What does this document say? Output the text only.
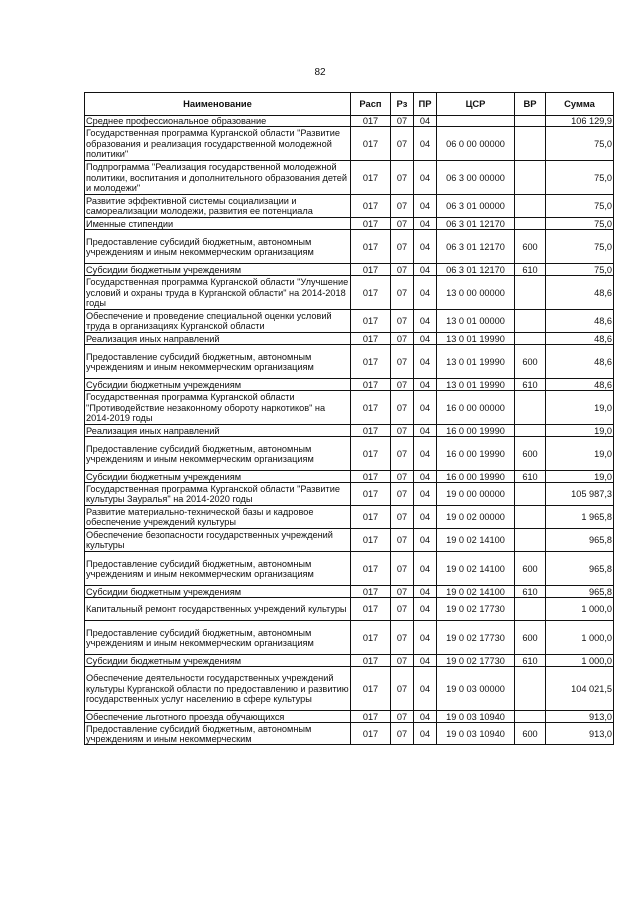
82
Наименование	Расп	Рз	ПР	ЦСР	ВР	Сумма
Среднее профессиональное образование	017	07	04			106 129,9
Государственная программа Курганской области "Развитие образования и реализация государственной молодежной политики"	017	07	04	06 0 00 00000		75,0
Подпрограмма "Реализация государственной молодежной политики, воспитания и дополнительного образования детей и молодежи"	017	07	04	06 3 00 00000		75,0
Развитие эффективной системы социализации и самореализации молодежи, развития ее потенциала	017	07	04	06 3 01 00000		75,0
Именные стипендии	017	07	04	06 3 01 12170		75,0
Предоставление субсидий бюджетным, автономным учреждениям и иным некоммерческим организациям	017	07	04	06 3 01 12170	600	75,0
Субсидии бюджетным учреждениям	017	07	04	06 3 01 12170	610	75,0
Государственная программа Курганской области "Улучшение условий и охраны труда в Курганской области" на 2014-2018 годы	017	07	04	13 0 00 00000		48,6
Обеспечение и проведение специальной оценки условий труда в организациях Курганской области	017	07	04	13 0 01 00000		48,6
Реализация иных направлений	017	07	04	13 0 01 19990		48,6
Предоставление субсидий бюджетным, автономным учреждениям и иным некоммерческим организациям	017	07	04	13 0 01 19990	600	48,6
Субсидии бюджетным учреждениям	017	07	04	13 0 01 19990	610	48,6
Государственная программа Курганской области "Противодействие незаконному обороту наркотиков" на 2014-2019 годы	017	07	04	16 0 00 00000		19,0
Реализация иных направлений	017	07	04	16 0 00 19990		19,0
Предоставление субсидий бюджетным, автономным учреждениям и иным некоммерческим организациям	017	07	04	16 0 00 19990	600	19,0
Субсидии бюджетным учреждениям	017	07	04	16 0 00 19990	610	19,0
Государственная программа Курганской области "Развитие культуры Зауралья" на 2014-2020 годы	017	07	04	19 0 00 00000		105 987,3
Развитие материально-технической базы и кадровое обеспечение учреждений культуры	017	07	04	19 0 02 00000		1 965,8
Обеспечение безопасности государственных учреждений культуры	017	07	04	19 0 02 14100		965,8
Предоставление субсидий бюджетным, автономным учреждениям и иным некоммерческим организациям	017	07	04	19 0 02 14100	600	965,8
Субсидии бюджетным учреждениям	017	07	04	19 0 02 14100	610	965,8
Капитальный ремонт государственных учреждений культуры	017	07	04	19 0 02 17730		1 000,0
Предоставление субсидий бюджетным, автономным учреждениям и иным некоммерческим организациям	017	07	04	19 0 02 17730	600	1 000,0
Субсидии бюджетным учреждениям	017	07	04	19 0 02 17730	610	1 000,0
Обеспечение деятельности государственных учреждений культуры Курганской области по предоставлению и развитию государственных услуг населению в сфере культуры	017	07	04	19 0 03 00000		104 021,5
Обеспечение льготного проезда обучающихся	017	07	04	19 0 03 10940		913,0
Предоставление субсидий бюджетным, автономным учреждениям и иным некоммерческим	017	07	04	19 0 03 10940	600	913,0
